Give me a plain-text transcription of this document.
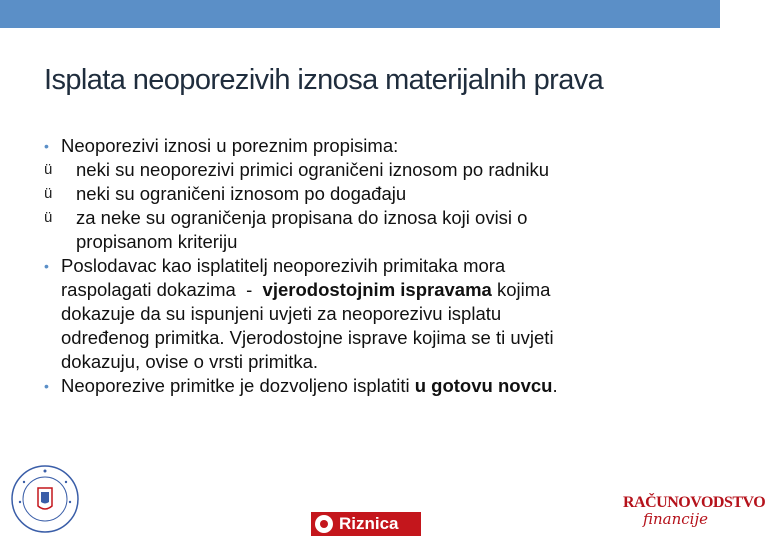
Isplata neoporezivih iznosa materijalnih prava
• Neoporezivi iznosi u poreznim propisima:
ü neki su neoporezivi primici ograničeni iznosom po radniku
ü neki su ograničeni iznosom po događaju
ü za neke su ograničenja propisana do iznosa koji ovisi o
propisanom kriteriju
• Poslodavac kao isplatitelj neoporezivih primitaka mora
raspolagati dokazima  -  vjerodostojnim ispravama kojima
dokazuje da su ispunjeni uvjeti za neoporezivu isplatu
određenog primitka. Vjerodostojne isprave kojima se ti uvjeti
dokazuju, ovise o vrsti primitka.
• Neoporezive primitke je dozvoljeno isplatiti u gotovu novcu.
Riznica
RAČUNOVODSTVO
financije
